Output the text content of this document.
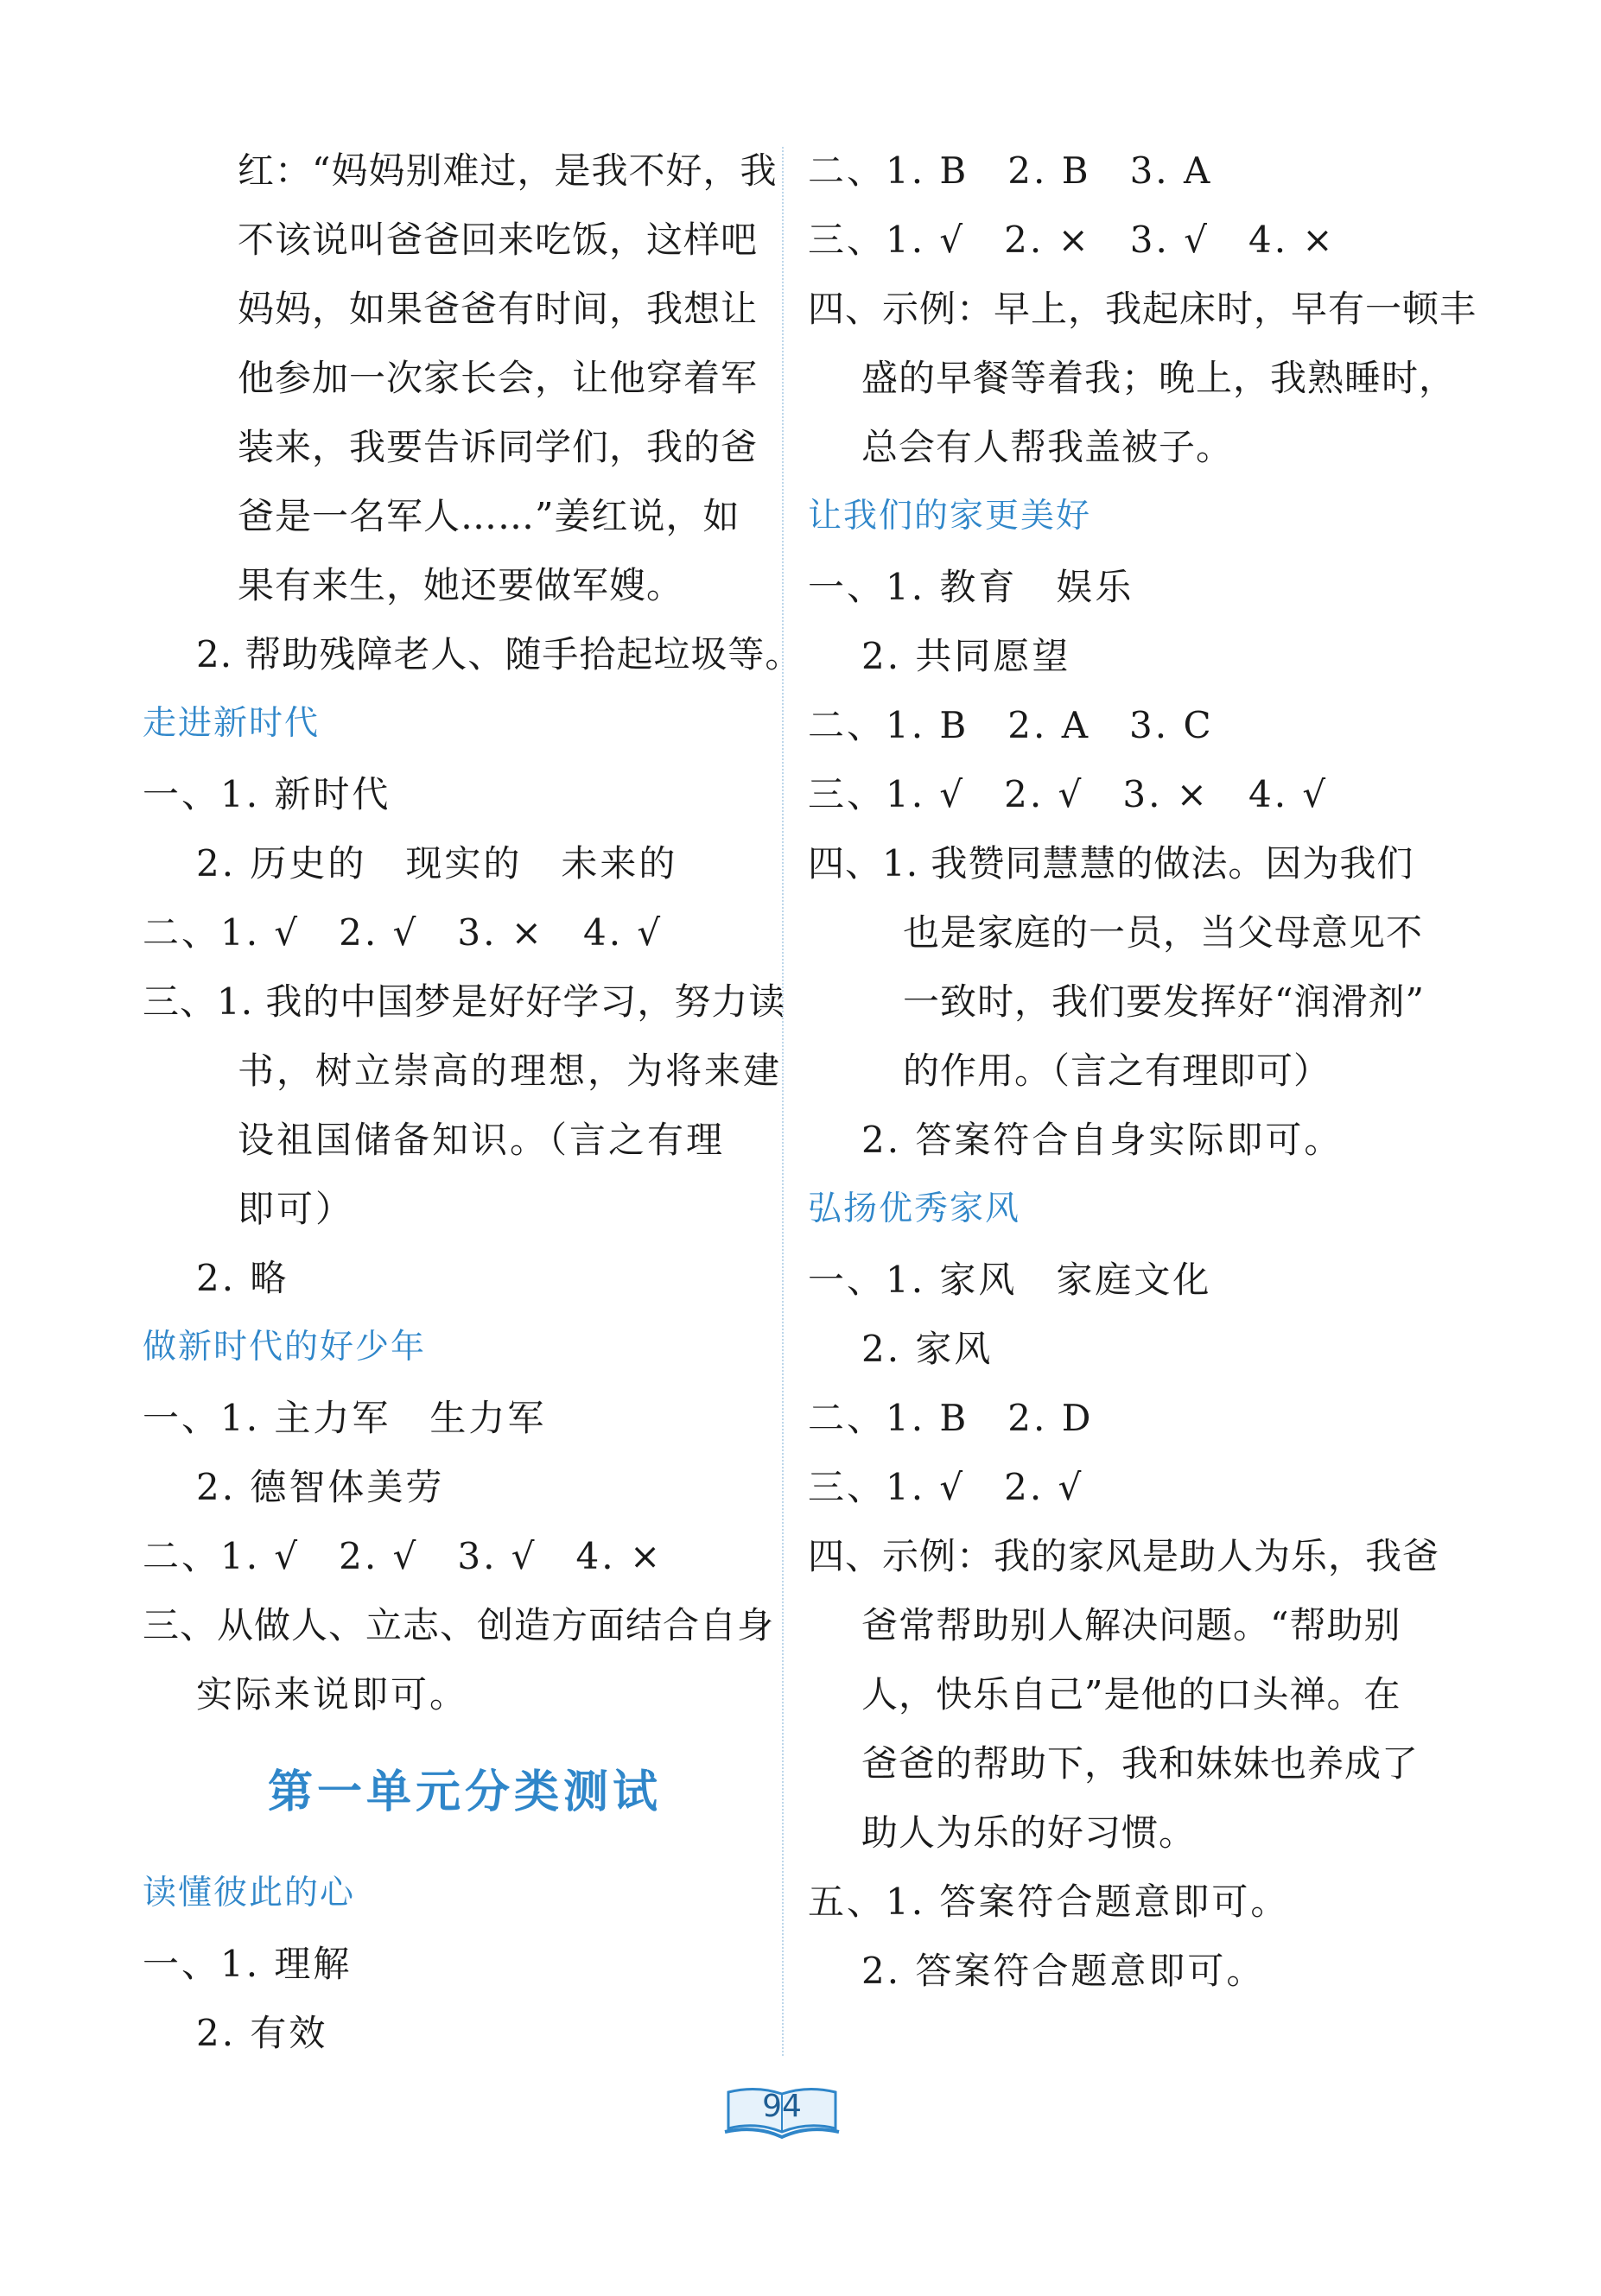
红：“妈妈别难过，是我不好，我
不该说叫爸爸回来吃饭，这样吧
妈妈，如果爸爸有时间，我想让
他参加一次家长会，让他穿着军
装来，我要告诉同学们，我的爸
爸是一名军人……”姜红说，如
果有来生，她还要做军嫂。
2. 帮助残障老人、随手拾起垃圾等。
走进新时代
一、1. 新时代
2. 历史的　现实的　未来的
二、1. √　2. √　3. ×　4. √
三、1. 我的中国梦是好好学习，努力读
书，树立崇高的理想，为将来建
设祖国储备知识。（言之有理
即可）
2. 略
做新时代的好少年
一、1. 主力军　生力军
2. 德智体美劳
二、1. √　2. √　3. √　4. ×
三、从做人、立志、创造方面结合自身
实际来说即可。
第一单元分类测试
读懂彼此的心
一、1. 理解
2. 有效
二、1. B　2. B　3. A
三、1. √　2. ×　3. √　4. ×
四、示例：早上，我起床时，早有一顿丰
盛的早餐等着我；晚上，我熟睡时，
总会有人帮我盖被子。
让我们的家更美好
一、1. 教育　娱乐
2. 共同愿望
二、1. B　2. A　3. C
三、1. √　2. √　3. ×　4. √
四、1. 我赞同慧慧的做法。因为我们
也是家庭的一员，当父母意见不
一致时，我们要发挥好“润滑剂”
的作用。（言之有理即可）
2. 答案符合自身实际即可。
弘扬优秀家风
一、1. 家风　家庭文化
2. 家风
二、1. B　2. D
三、1. √　2. √
四、示例：我的家风是助人为乐，我爸
爸常帮助别人解决问题。“帮助别
人，快乐自己”是他的口头禅。在
爸爸的帮助下，我和妹妹也养成了
助人为乐的好习惯。
五、1. 答案符合题意即可。
2. 答案符合题意即可。
94
